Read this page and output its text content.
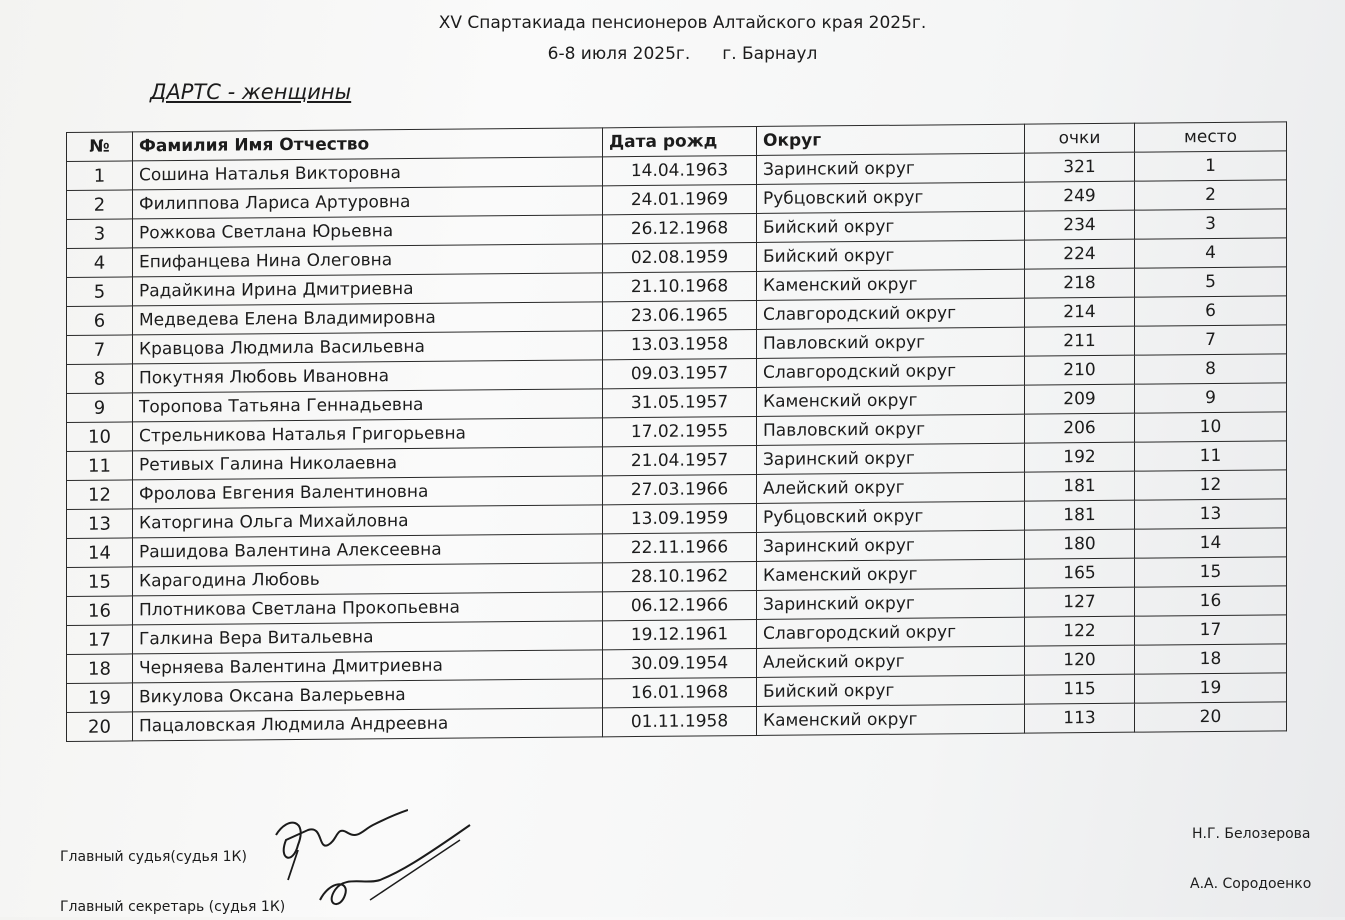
XV Спартакиада пенсионеров Алтайского края 2025г.
6-8 июля 2025г. г. Барнаул
ДАРТС - женщины
№	Фамилия Имя Отчество	Дата рожд	Округ	очки	место
1	Сошина Наталья Викторовна	14.04.1963	Заринский округ	321	1
2	Филиппова Лариса Артуровна	24.01.1969	Рубцовский округ	249	2
3	Рожкова Светлана Юрьевна	26.12.1968	Бийский округ	234	3
4	Епифанцева Нина Олеговна	02.08.1959	Бийский округ	224	4
5	Радайкина Ирина Дмитриевна	21.10.1968	Каменский округ	218	5
6	Медведева Елена Владимировна	23.06.1965	Славгородский округ	214	6
7	Кравцова Людмила Васильевна	13.03.1958	Павловский округ	211	7
8	Покутняя Любовь Ивановна	09.03.1957	Славгородский округ	210	8
9	Торопова Татьяна Геннадьевна	31.05.1957	Каменский округ	209	9
10	Стрельникова Наталья Григорьевна	17.02.1955	Павловский округ	206	10
11	Ретивых Галина Николаевна	21.04.1957	Заринский округ	192	11
12	Фролова Евгения Валентиновна	27.03.1966	Алейский округ	181	12
13	Каторгина Ольга Михайловна	13.09.1959	Рубцовский округ	181	13
14	Рашидова Валентина Алексеевна	22.11.1966	Заринский округ	180	14
15	Карагодина Любовь	28.10.1962	Каменский округ	165	15
16	Плотникова Светлана Прокопьевна	06.12.1966	Заринский округ	127	16
17	Галкина Вера Витальевна	19.12.1961	Славгородский округ	122	17
18	Черняева Валентина Дмитриевна	30.09.1954	Алейский округ	120	18
19	Викулова Оксана Валерьевна	16.01.1968	Бийский округ	115	19
20	Пацаловская Людмила Андреевна	01.11.1958	Каменский округ	113	20
Главный судья(судья 1К)
Н.Г. Белозерова
Главный секретарь (судья 1К)
А.А. Сородоенко
